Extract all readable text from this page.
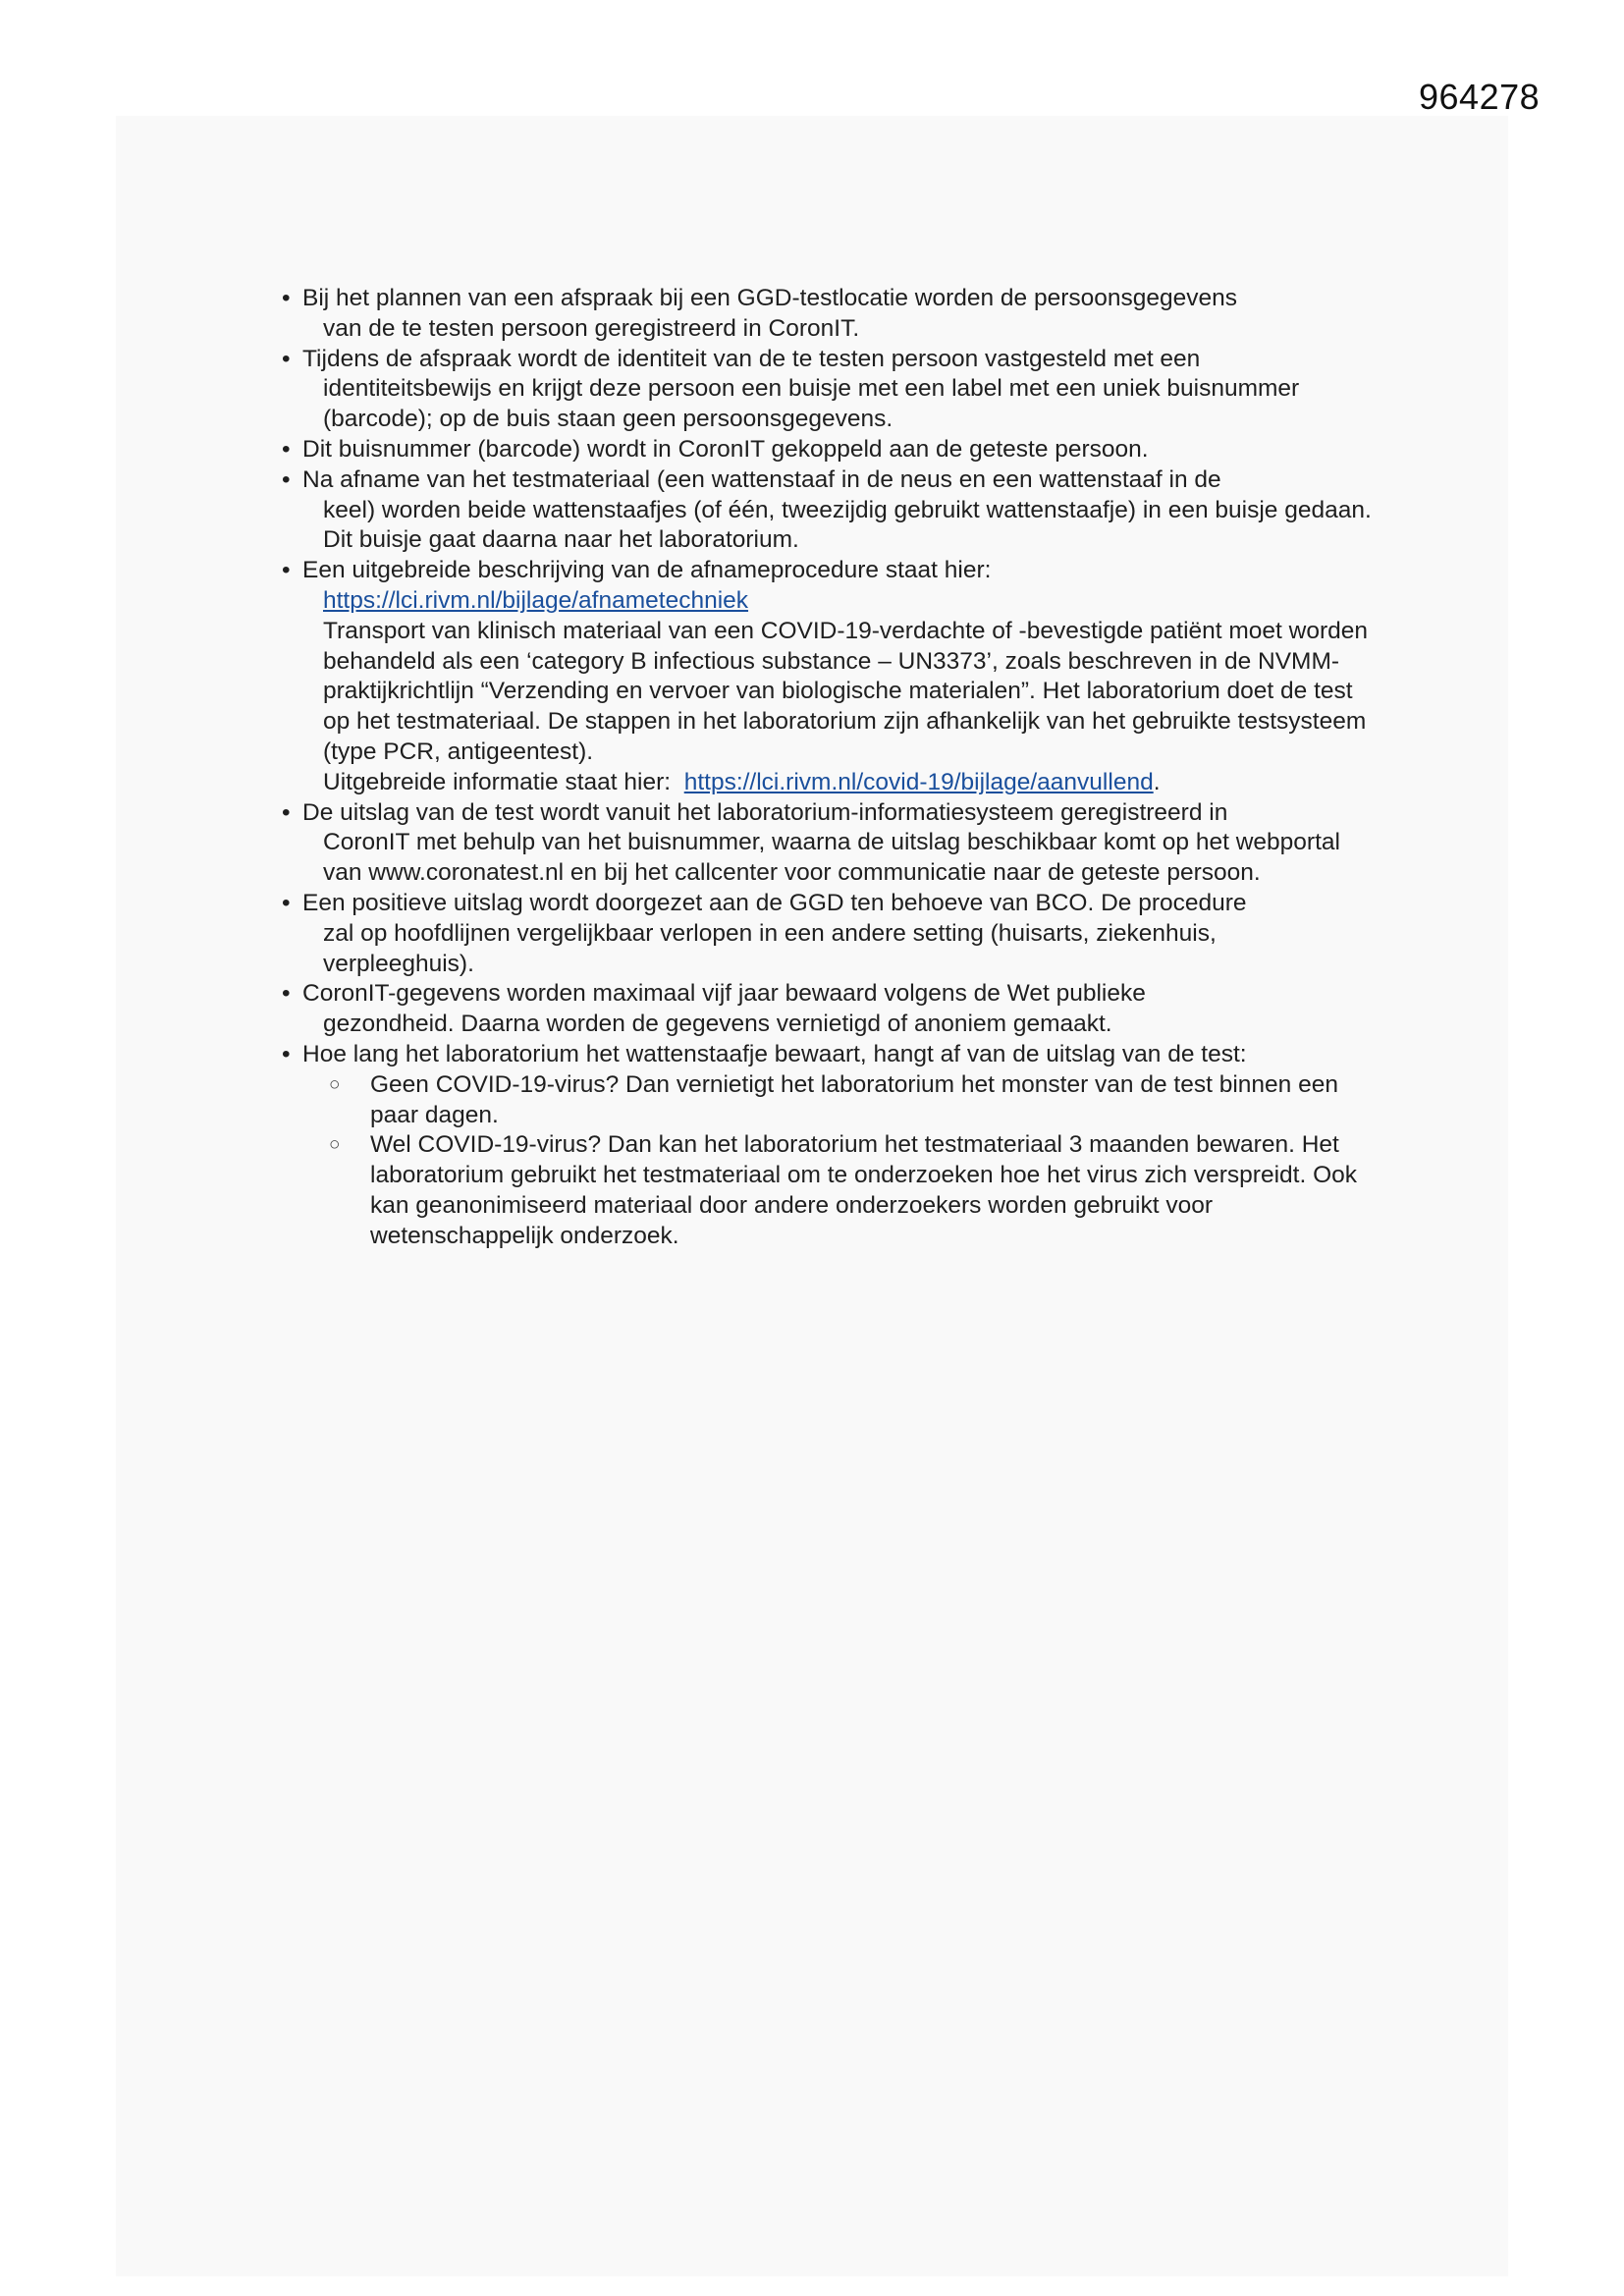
964278
• Bij het plannen van een afspraak bij een GGD-testlocatie worden de persoonsgegevens
van de te testen persoon geregistreerd in CoronIT.
• Tijdens de afspraak wordt de identiteit van de te testen persoon vastgesteld met een
identiteitsbewijs en krijgt deze persoon een buisje met een label met een uniek buisnummer (barcode); op de buis staan geen persoonsgegevens.
• Dit buisnummer (barcode) wordt in CoronIT gekoppeld aan de geteste persoon.
• Na afname van het testmateriaal (een wattenstaaf in de neus en een wattenstaaf in de
keel) worden beide wattenstaafjes (of één, tweezijdig gebruikt wattenstaafje) in een buisje gedaan. Dit buisje gaat daarna naar het laboratorium.
• Een uitgebreide beschrijving van de afnameprocedure staat hier:
https://lci.rivm.nl/bijlage/afnametechniek
Transport van klinisch materiaal van een COVID-19-verdachte of -bevestigde patiënt moet worden behandeld als een ‘category B infectious substance – UN3373’, zoals beschreven in de NVMM-praktijkrichtlijn “Verzending en vervoer van biologische materialen”. Het laboratorium doet de test op het testmateriaal. De stappen in het laboratorium zijn afhankelijk van het gebruikte testsysteem (type PCR, antigeentest).
Uitgebreide informatie staat hier: https://lci.rivm.nl/covid-19/bijlage/aanvullend.
• De uitslag van de test wordt vanuit het laboratorium-informatiesysteem geregistreerd in
CoronIT met behulp van het buisnummer, waarna de uitslag beschikbaar komt op het webportal van www.coronatest.nl en bij het callcenter voor communicatie naar de geteste persoon.
• Een positieve uitslag wordt doorgezet aan de GGD ten behoeve van BCO. De procedure
zal op hoofdlijnen vergelijkbaar verlopen in een andere setting (huisarts, ziekenhuis, verpleeghuis).
• CoronIT-gegevens worden maximaal vijf jaar bewaard volgens de Wet publieke
gezondheid. Daarna worden de gegevens vernietigd of anoniem gemaakt.
• Hoe lang het laboratorium het wattenstaafje bewaart, hangt af van de uitslag van de test:
○ Geen COVID-19-virus? Dan vernietigt het laboratorium het monster van de test binnen een paar dagen.
○ Wel COVID-19-virus? Dan kan het laboratorium het testmateriaal 3 maanden bewaren. Het laboratorium gebruikt het testmateriaal om te onderzoeken hoe het virus zich verspreidt. Ook kan geanonimiseerd materiaal door andere onderzoekers worden gebruikt voor wetenschappelijk onderzoek.
